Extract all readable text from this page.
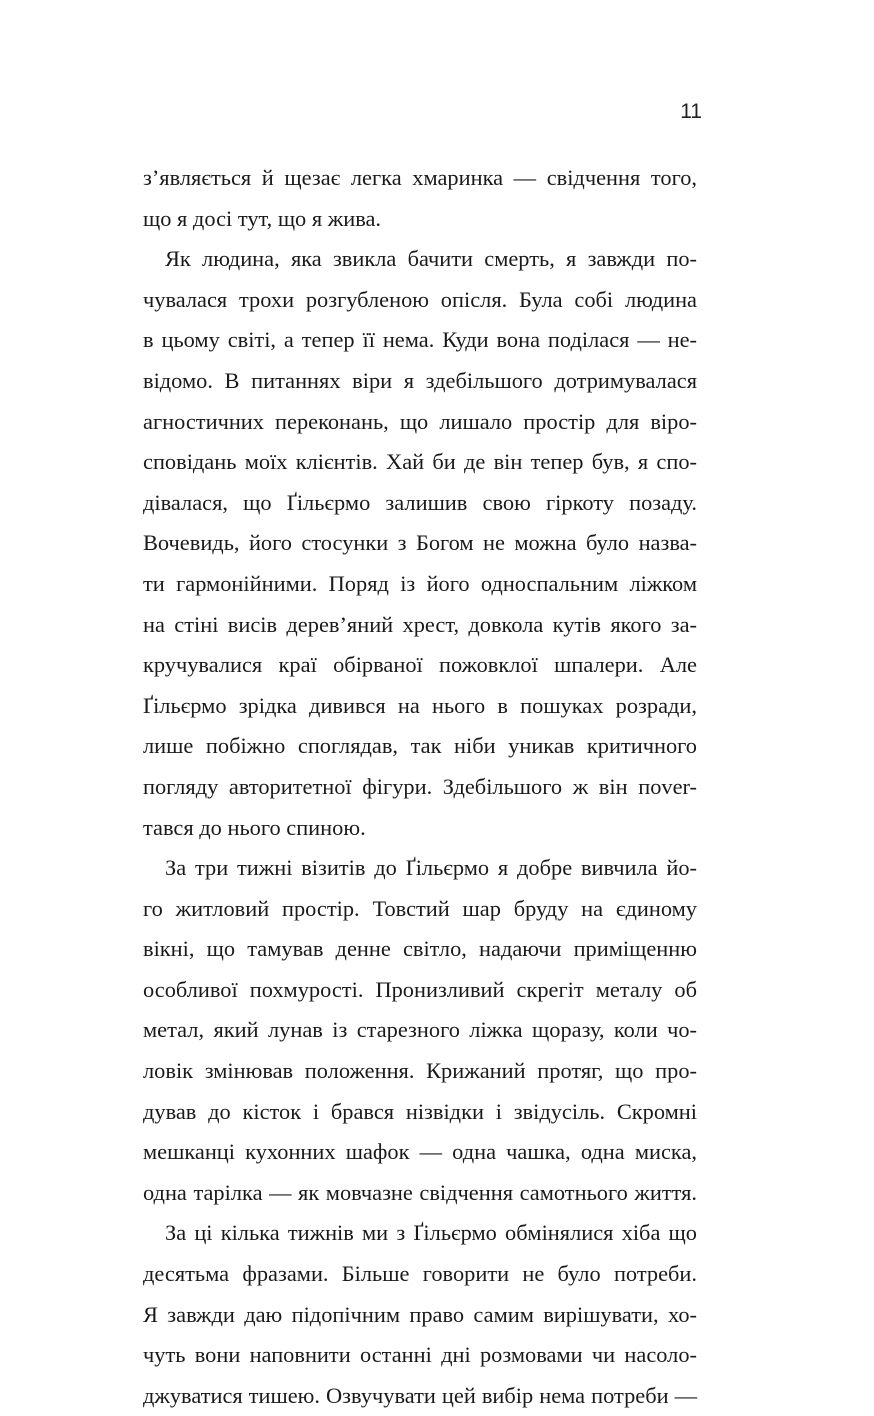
11
з’являється й щезає легка хмаринка — свідчення того,
що я досі тут, що я жива.
Як людина, яка звикла бачити смерть, я завжди по-
чувалася трохи розгубленою опісля. Була собі людина
в цьому світі, а тепер її нема. Куди вона поділася — не-
відомо. В питаннях віри я здебільшого дотримувалася
агностичних переконань, що лишало простір для віро-
сповідань моїх клієнтів. Хай би де він тепер був, я спо-
дівалася, що Ґільєрмо залишив свою гіркоту позаду.
Вочевидь, його стосунки з Богом не можна було назва-
ти гармонійними. Поряд із його односпальним ліжком
на стіні висів дерев’яний хрест, довкола кутів якого за-
кручувалися краї обірваної пожовклої шпалери. Але
Ґільєрмо зрідка дивився на нього в пошуках розради,
лише побіжно споглядав, так ніби уникав критичного
погляду авторитетної фігури. Здебільшого ж він поver-
тався до нього спиною.
За три тижні візитів до Ґільєрмо я добре вивчила йо-
го житловий простір. Товстий шар бруду на єдиному
вікні, що тамував денне світло, надаючи приміщенню
особливої похмурості. Пронизливий скрегіт металу об
метал, який лунав із старезного ліжка щоразу, коли чо-
ловік змінював положення. Крижаний протяг, що про-
дував до кісток і брався нізвідки і звідусіль. Скромні
мешканці кухонних шафок — одна чашка, одна миска,
одна тарілка — як мовчазне свідчення самотнього життя.
За ці кілька тижнів ми з Ґільєрмо обмінялися хіба що
десятьма фразами. Більше говорити не було потреби.
Я завжди даю підопічним право самим вирішувати, хо-
чуть вони наповнити останні дні розмовами чи насоло-
джуватися тишею. Озвучувати цей вибір нема потреби —
